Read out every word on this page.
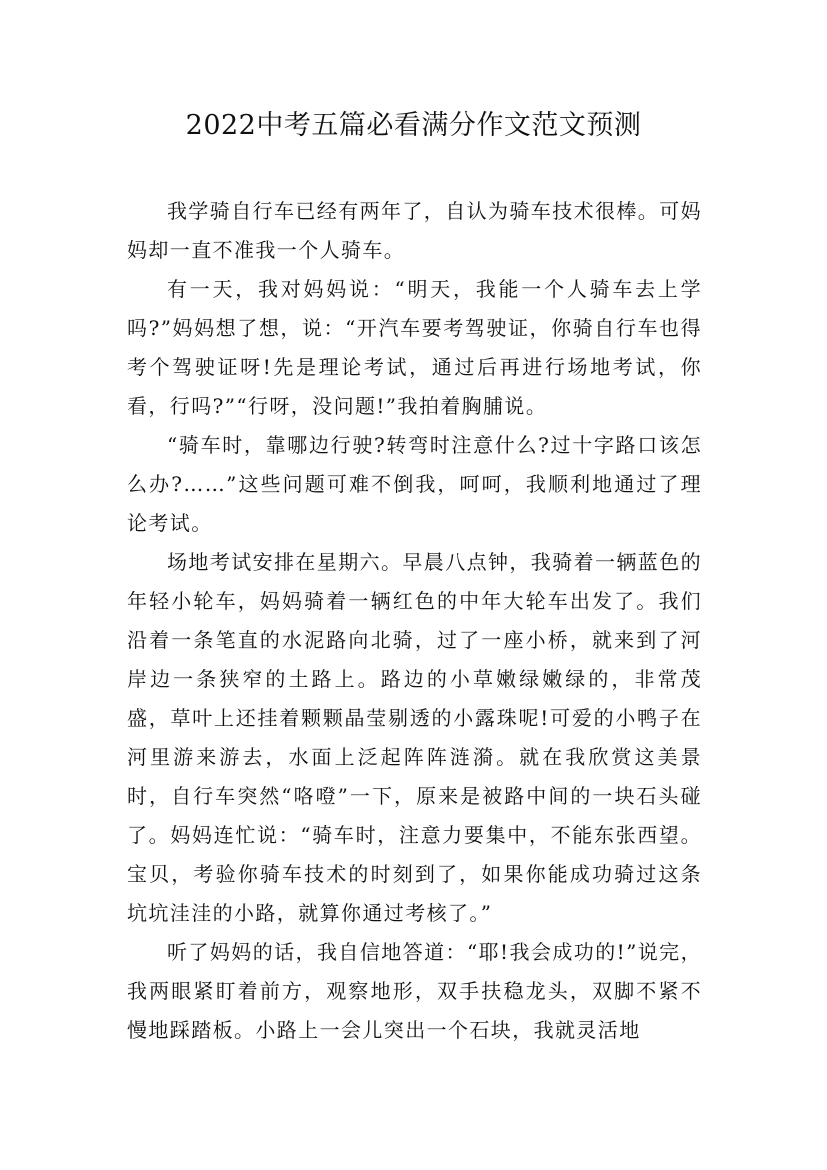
2022中考五篇必看满分作文范文预测

我学骑自行车已经有两年了，自认为骑车技术很棒。可妈妈却一直不准我一个人骑车。

有一天，我对妈妈说：“明天，我能一个人骑车去上学吗?”妈妈想了想，说：“开汽车要考驾驶证，你骑自行车也得考个驾驶证呀!先是理论考试，通过后再进行场地考试，你看，行吗?”“行呀，没问题!”我拍着胸脯说。

“骑车时，靠哪边行驶?转弯时注意什么?过十字路口该怎么办?……”这些问题可难不倒我，呵呵，我顺利地通过了理论考试。

场地考试安排在星期六。早晨八点钟，我骑着一辆蓝色的年轻小轮车，妈妈骑着一辆红色的中年大轮车出发了。我们沿着一条笔直的水泥路向北骑，过了一座小桥，就来到了河岸边一条狭窄的土路上。路边的小草嫩绿嫩绿的，非常茂盛，草叶上还挂着颗颗晶莹剔透的小露珠呢!可爱的小鸭子在河里游来游去，水面上泛起阵阵涟漪。就在我欣赏这美景时，自行车突然“咯噔”一下，原来是被路中间的一块石头碰了。妈妈连忙说：“骑车时，注意力要集中，不能东张西望。宝贝，考验你骑车技术的时刻到了，如果你能成功骑过这条坑坑洼洼的小路，就算你通过考核了。”

听了妈妈的话，我自信地答道：“耶!我会成功的!”说完，我两眼紧盯着前方，观察地形，双手扶稳龙头，双脚不紧不慢地踩踏板。小路上一会儿突出一个石块，我就灵活地
